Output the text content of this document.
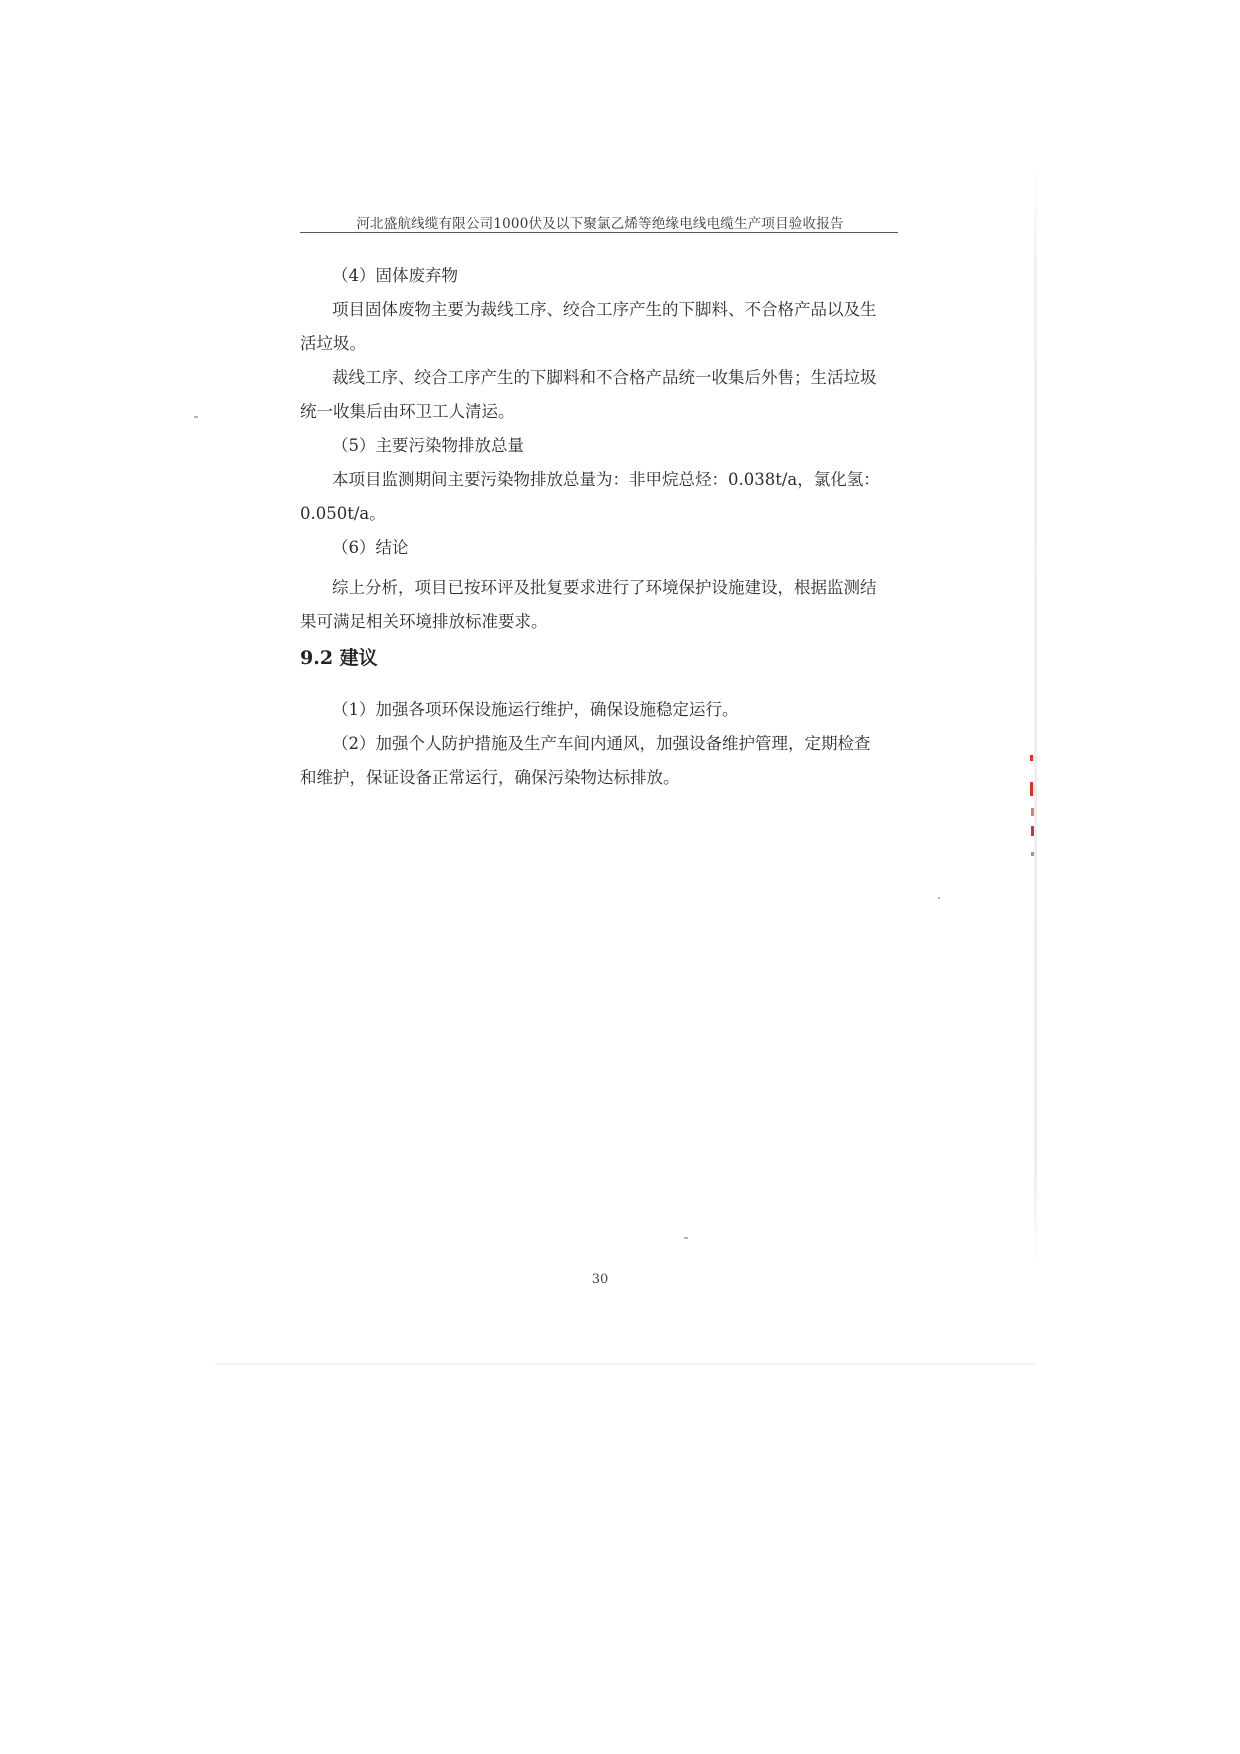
河北盛航线缆有限公司1000伏及以下聚氯乙烯等绝缘电线电缆生产项目验收报告
（4）固体废弃物
项目固体废物主要为裁线工序、绞合工序产生的下脚料、不合格产品以及生
活垃圾。
裁线工序、绞合工序产生的下脚料和不合格产品统一收集后外售；生活垃圾
统一收集后由环卫工人清运。
（5）主要污染物排放总量
本项目监测期间主要污染物排放总量为：非甲烷总烃：0.038t/a，氯化氢：
0.050t/a。
（6）结论
综上分析，项目已按环评及批复要求进行了环境保护设施建设，根据监测结
果可满足相关环境排放标准要求。
9.2 建议
（1）加强各项环保设施运行维护，确保设施稳定运行。
（2）加强个人防护措施及生产车间内通风，加强设备维护管理，定期检查
和维护，保证设备正常运行，确保污染物达标排放。
30
